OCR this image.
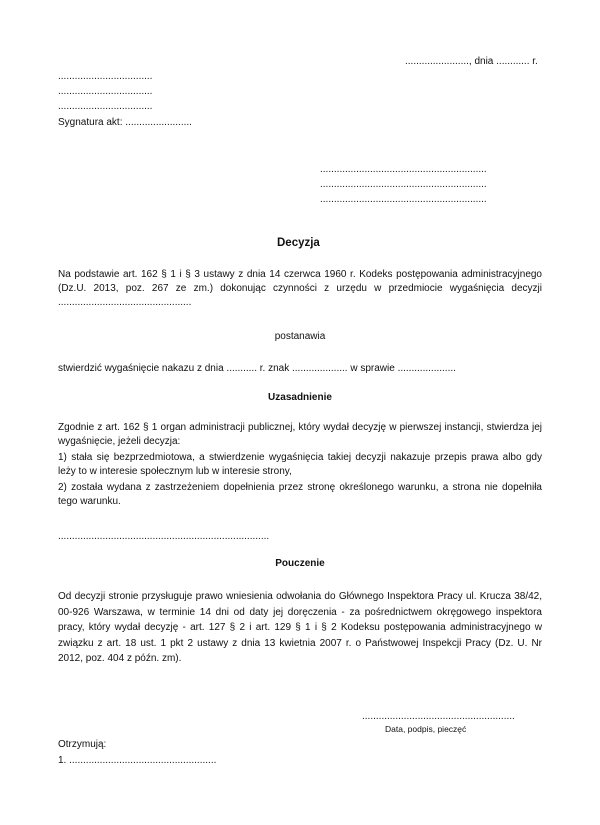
......................., dnia ............ r.
..................................
..................................
..................................
Sygnatura akt: ........................
............................................................
............................................................
............................................................
Decyzja
Na podstawie art. 162 § 1 i § 3 ustawy z dnia 14 czerwca 1960 r. Kodeks postępowania administracyjnego (Dz.U. 2013, poz. 267 ze zm.) dokonując czynności z urzędu w przedmiocie wygaśnięcia decyzji ................................................
postanawia
stwierdzić wygaśnięcie nakazu z dnia ........... r. znak .................... w sprawie .....................
Uzasadnienie
Zgodnie z art. 162 § 1 organ administracji publicznej, który wydał decyzję w pierwszej instancji, stwierdza jej wygaśnięcie, jeżeli decyzja:
1) stała się bezprzedmiotowa, a stwierdzenie wygaśnięcia takiej decyzji nakazuje przepis prawa albo gdy leży to w interesie społecznym lub w interesie strony,
2) została wydana z zastrzeżeniem dopełnienia przez stronę określonego warunku, a strona nie dopełniła tego warunku.
............................................................................
Pouczenie
Od decyzji stronie przysługuje prawo wniesienia odwołania do Głównego Inspektora Pracy ul. Krucza 38/42, 00-926 Warszawa, w terminie 14 dni od daty jej doręczenia - za pośrednictwem okręgowego inspektora pracy, który wydał decyzję - art. 127 § 2 i art. 129 § 1 i § 2 Kodeksu postępowania administracyjnego w związku z art. 18 ust. 1 pkt 2 ustawy z dnia 13 kwietnia 2007 r. o Państwowej Inspekcji Pracy (Dz. U. Nr 2012, poz. 404 z późn. zm).
.......................................................
Data, podpis, pieczęć
Otrzymują:
1. .....................................................
